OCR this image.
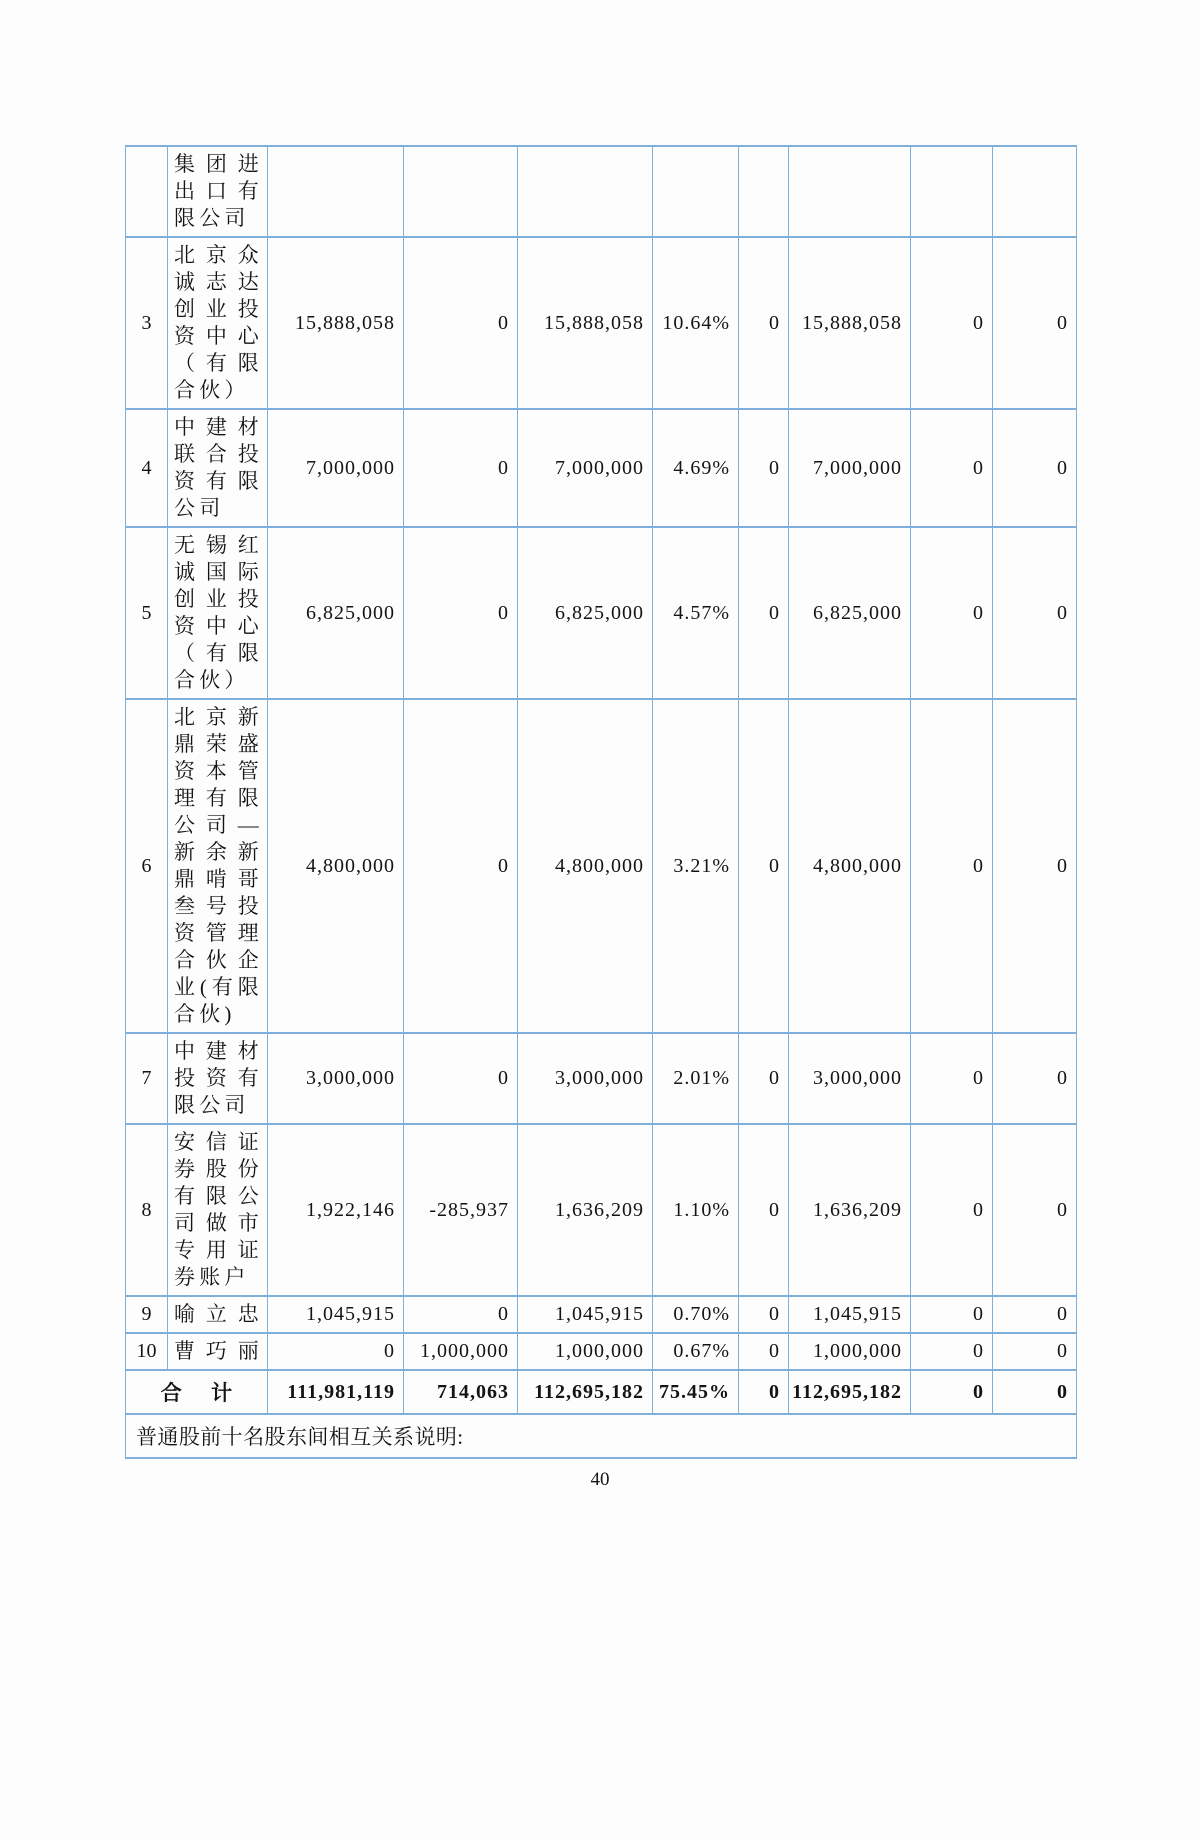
	集团进出口有限公司								
3	北京众诚志达创业投资中心（有限合伙）	15,888,058	0	15,888,058	10.64%	0	15,888,058	0	0
4	中建材联合投资有限公司	7,000,000	0	7,000,000	4.69%	0	7,000,000	0	0
5	无锡红诚国际创业投资中心（有限合伙）	6,825,000	0	6,825,000	4.57%	0	6,825,000	0	0
6	北京新鼎荣盛资本管理有限公司—新余新鼎啃哥叁号投资管理合伙企业(有限合伙)	4,800,000	0	4,800,000	3.21%	0	4,800,000	0	0
7	中建材投资有限公司	3,000,000	0	3,000,000	2.01%	0	3,000,000	0	0
8	安信证券股份有限公司做市专用证券账户	1,922,146	-285,937	1,636,209	1.10%	0	1,636,209	0	0
9	喻立忠	1,045,915	0	1,045,915	0.70%	0	1,045,915	0	0
10	曹巧丽	0	1,000,000	1,000,000	0.67%	0	1,000,000	0	0
合计		111,981,119	714,063	112,695,182	75.45%	0	112,695,182	0	0
普通股前十名股东间相互关系说明:									
40
